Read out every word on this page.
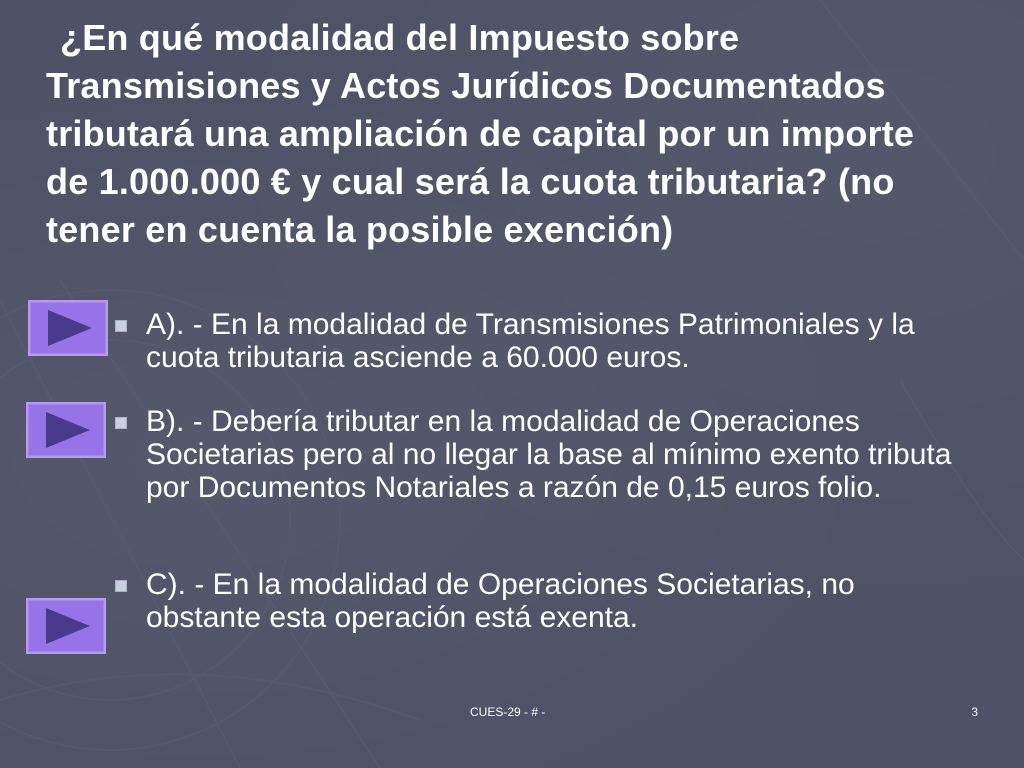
¿En qué modalidad del Impuesto sobre Transmisiones y Actos Jurídicos Documentados tributará una ampliación de capital por un importe de 1.000.000 € y cual será la cuota tributaria? (no tener en cuenta la posible exención)
A). - En la modalidad de Transmisiones Patrimoniales y la cuota tributaria asciende a 60.000 euros.
B). - Debería tributar en la modalidad de Operaciones Societarias pero al no llegar la base al mínimo exento tributa por Documentos Notariales a razón de 0,15 euros folio.
C). - En la modalidad de Operaciones Societarias, no obstante esta operación está exenta.
CUES-29 - # -	3
